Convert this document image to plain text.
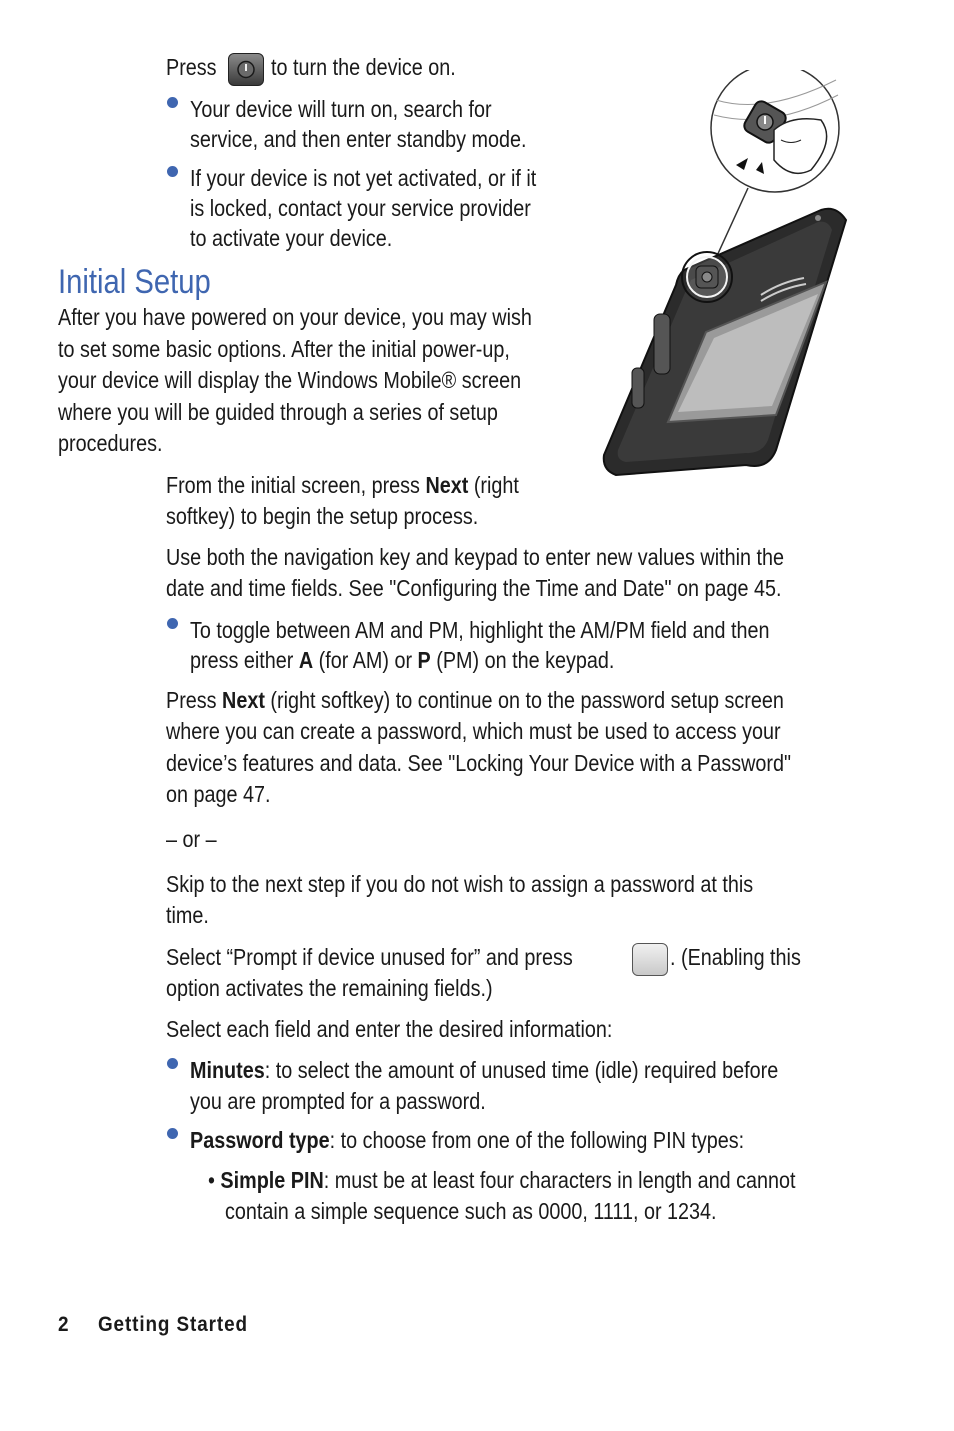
Press to turn the device on.
Your device will turn on, search for
service, and then enter standby mode.
If your device is not yet activated, or if it
is locked, contact your service provider
to activate your device.
Initial Setup
After you have powered on your device, you may wish
to set some basic options. After the initial power-up,
your device will display the Windows Mobile® screen
where you will be guided through a series of setup
procedures.
From the initial screen, press Next (right
softkey) to begin the setup process.
Use both the navigation key and keypad to enter new values within the
date and time fields. See "Configuring the Time and Date" on page 45.
To toggle between AM and PM, highlight the AM/PM field and then
press either A (for AM) or P (PM) on the keypad.
Press Next (right softkey) to continue on to the password setup screen
where you can create a password, which must be used to access your
device’s features and data. See "Locking Your Device with a Password"
on page 47.
– or –
Skip to the next step if you do not wish to assign a password at this
time.
Select “Prompt if device unused for” and press	. (Enabling this
option activates the remaining fields.)
Select each field and enter the desired information:
Minutes: to select the amount of unused time (idle) required before
you are prompted for a password.
Password type: to choose from one of the following PIN types:
• Simple PIN: must be at least four characters in length and cannot
contain a simple sequence such as 0000, 1111, or 1234.
2 Getting Started
